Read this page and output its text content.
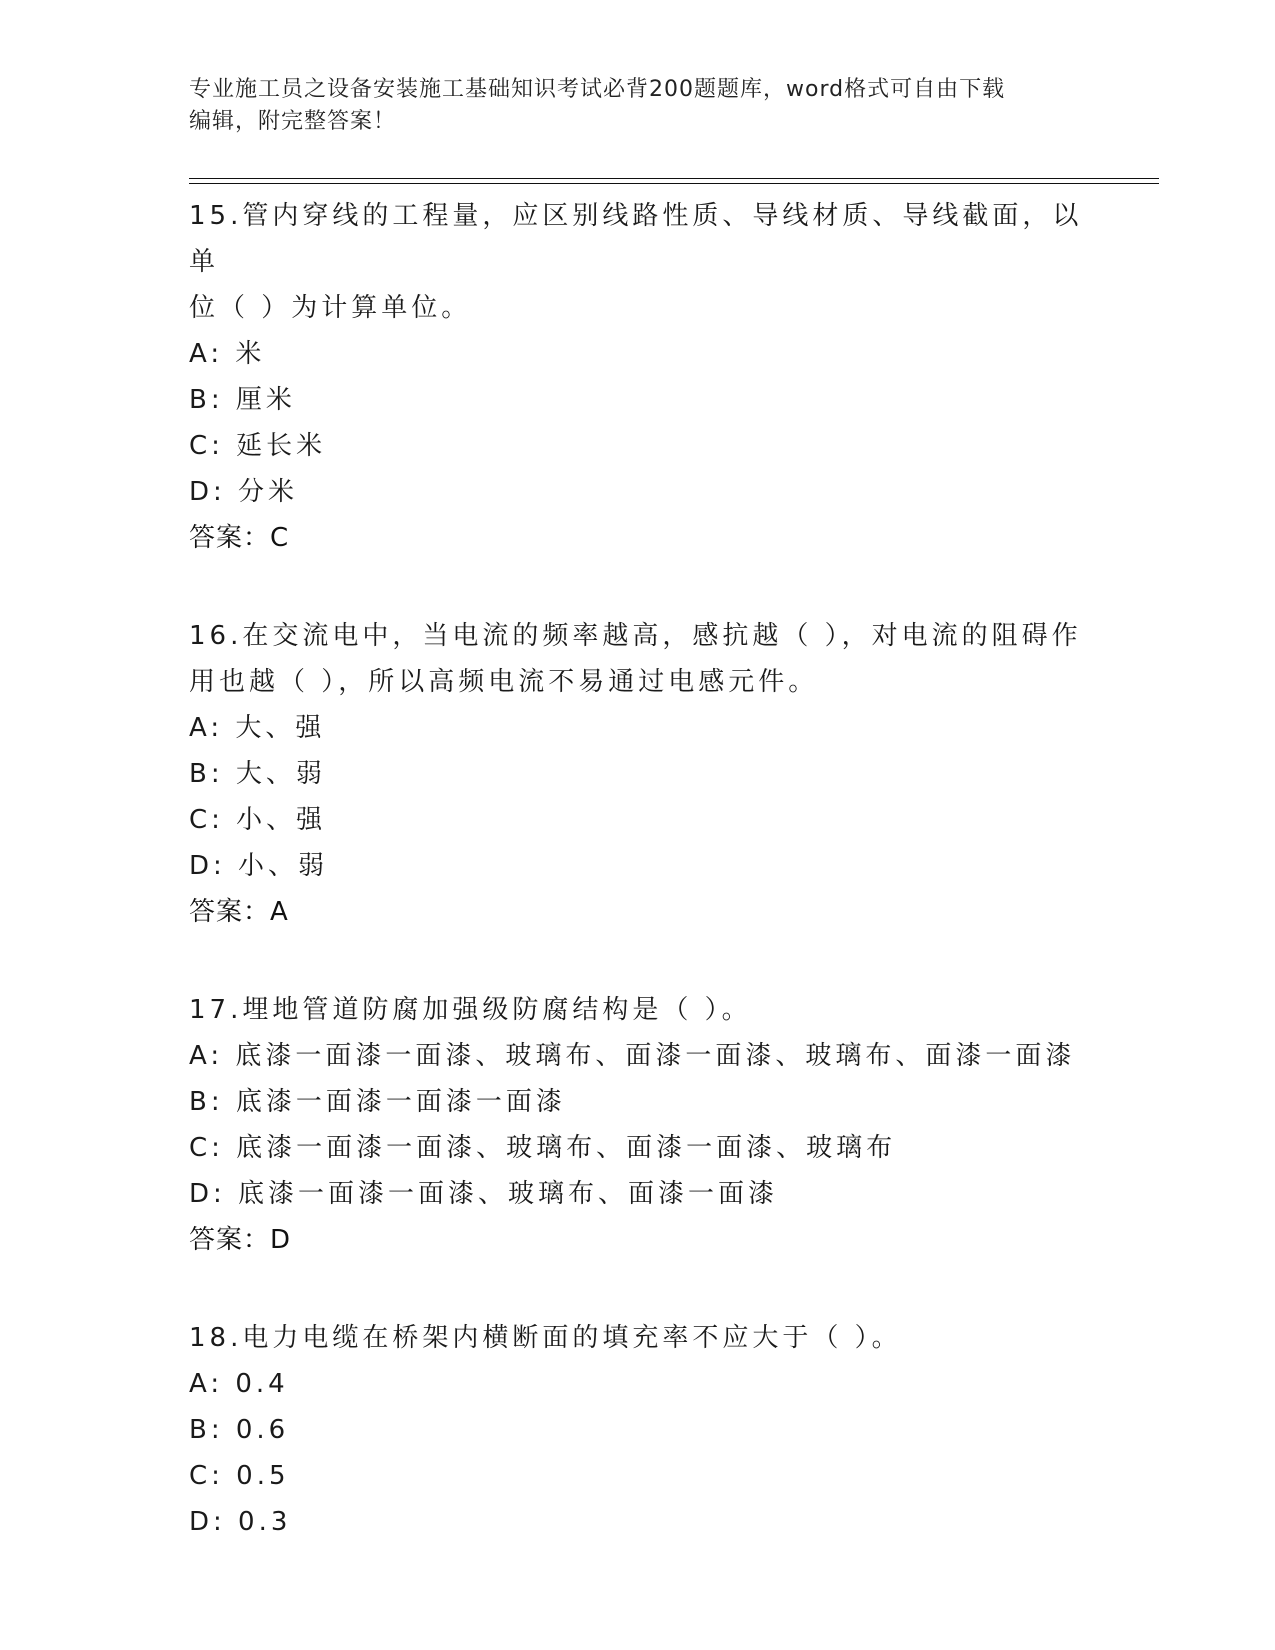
专业施工员之设备安装施工基础知识考试必背200题题库，word格式可自由下载
编辑，附完整答案！
15.管内穿线的工程量，应区别线路性质、导线材质、导线截面，以单
位（ ）为计算单位。
A: 米
B: 厘米
C: 延长米
D: 分米
答案：C
16.在交流电中，当电流的频率越高，感抗越（ ），对电流的阻碍作
用也越（ ），所以高频电流不易通过电感元件。
A: 大、强
B: 大、弱
C: 小、强
D: 小、弱
答案：A
17.埋地管道防腐加强级防腐结构是（ ）。
A: 底漆一面漆一面漆、玻璃布、面漆一面漆、玻璃布、面漆一面漆
B: 底漆一面漆一面漆一面漆
C: 底漆一面漆一面漆、玻璃布、面漆一面漆、玻璃布
D: 底漆一面漆一面漆、玻璃布、面漆一面漆
答案：D
18.电力电缆在桥架内横断面的填充率不应大于（ ）。
A: 0.4
B: 0.6
C: 0.5
D: 0.3
